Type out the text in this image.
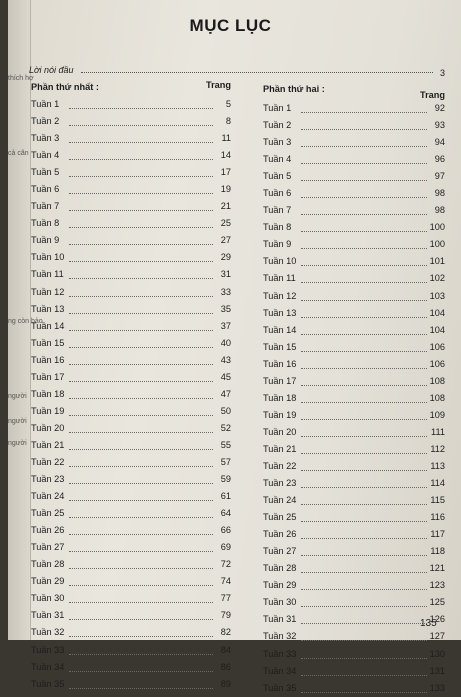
thích hợ
cả cân
ng còn bảo
người
người
người
MỤC LỤC
Lời nói đầu	3
Phần thứ nhất :	Trang
Tuần 1	5
Tuần 2	8
Tuần 3	11
Tuần 4	14
Tuần 5	17
Tuần 6	19
Tuần 7	21
Tuần 8	25
Tuần 9	27
Tuần 10	29
Tuần 11	31
Tuần 12	33
Tuần 13	35
Tuần 14	37
Tuần 15	40
Tuần 16	43
Tuần 17	45
Tuần 18	47
Tuần 19	50
Tuần 20	52
Tuần 21	55
Tuần 22	57
Tuần 23	59
Tuần 24	61
Tuần 25	64
Tuần 26	66
Tuần 27	69
Tuần 28	72
Tuần 29	74
Tuần 30	77
Tuần 31	79
Tuần 32	82
Tuần 33	84
Tuần 34	86
Tuần 35	89
Phần thứ hai :
Trang
Tuần 1	92
Tuần 2	93
Tuần 3	94
Tuần 4	96
Tuần 5	97
Tuần 6	98
Tuần 7	98
Tuần 8	100
Tuần 9	100
Tuần 10	101
Tuần 11	102
Tuần 12	103
Tuần 13	104
Tuần 14	104
Tuần 15	106
Tuần 16	106
Tuần 17	108
Tuần 18	108
Tuần 19	109
Tuần 20	111
Tuần 21	112
Tuần 22	113
Tuần 23	114
Tuần 24	115
Tuần 25	116
Tuần 26	117
Tuần 27	118
Tuần 28	121
Tuần 29	123
Tuần 30	125
Tuần 31	126
Tuần 32	127
Tuần 33	130
Tuần 34	131
Tuần 35	133
135
